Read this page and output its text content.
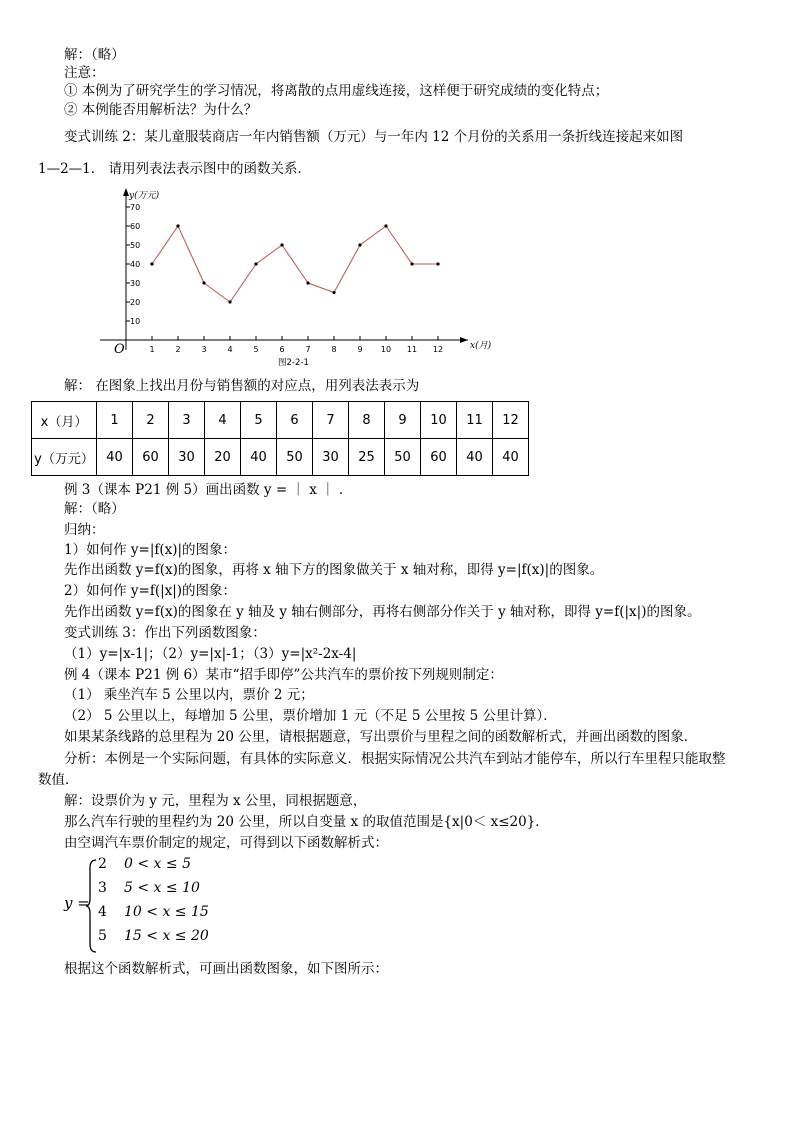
解：（略）
注意：
① 本例为了研究学生的学习情况，将离散的点用虚线连接，这样便于研究成绩的变化特点；
② 本例能否用解析法？为什么？
变式训练 2：某儿童服装商店一年内销售额（万元）与一年内 12 个月份的关系用一条折线连接起来如图
1—2—1． 请用列表法表示图中的函数关系．
10
20
30
40
50
60
70
1	2	3	4	5	6	7	8	9 10 11 12
O
y(万元)
x(月)
图2-2-1
解： 在图象上找出月份与销售额的对应点，用列表法表示为
x（月）	1	2	3	4	5	6	7	8	9	10	11	12
y（万元）	40	60	30	20	40	50	30	25	50	60	40	40
例 3（课本 P21 例 5）画出函数 y = ｜ x ｜ ．
解：（略）
归纳：
1）如何作 y=|f(x)|的图象：
先作出函数 y=f(x)的图象，再将 x 轴下方的图象做关于 x 轴对称，即得 y=|f(x)|的图象。
2）如何作 y=f(|x|)的图象：
先作出函数 y=f(x)的图象在 y 轴及 y 轴右侧部分，再将右侧部分作关于 y 轴对称，即得 y=f(|x|)的图象。
变式训练 3：作出下列函数图象：
（1）y=|x-1|；（2）y=|x|-1；（3）y=|x²-2x-4|
例 4（课本 P21 例 6）某市“招手即停”公共汽车的票价按下列规则制定：
（1） 乘坐汽车 5 公里以内，票价 2 元；
（2） 5 公里以上，每增加 5 公里，票价增加 1 元（不足 5 公里按 5 公里计算）．
如果某条线路的总里程为 20 公里，请根据题意，写出票价与里程之间的函数解析式，并画出函数的图象．
分析：本例是一个实际问题，有具体的实际意义．根据实际情况公共汽车到站才能停车，所以行车里程只能取整
数值．
解：设票价为 y 元，里程为 x 公里，同根据题意，
那么汽车行驶的里程约为 20 公里，所以自变量 x 的取值范围是{x|0＜ x≤20}．
由空调汽车票价制定的规定，可得到以下函数解析式：
y =
2 0 < x ≤ 5
3 5 < x ≤ 10
4 10 < x ≤ 15
5 15 < x ≤ 20
根据这个函数解析式，可画出函数图象，如下图所示：
